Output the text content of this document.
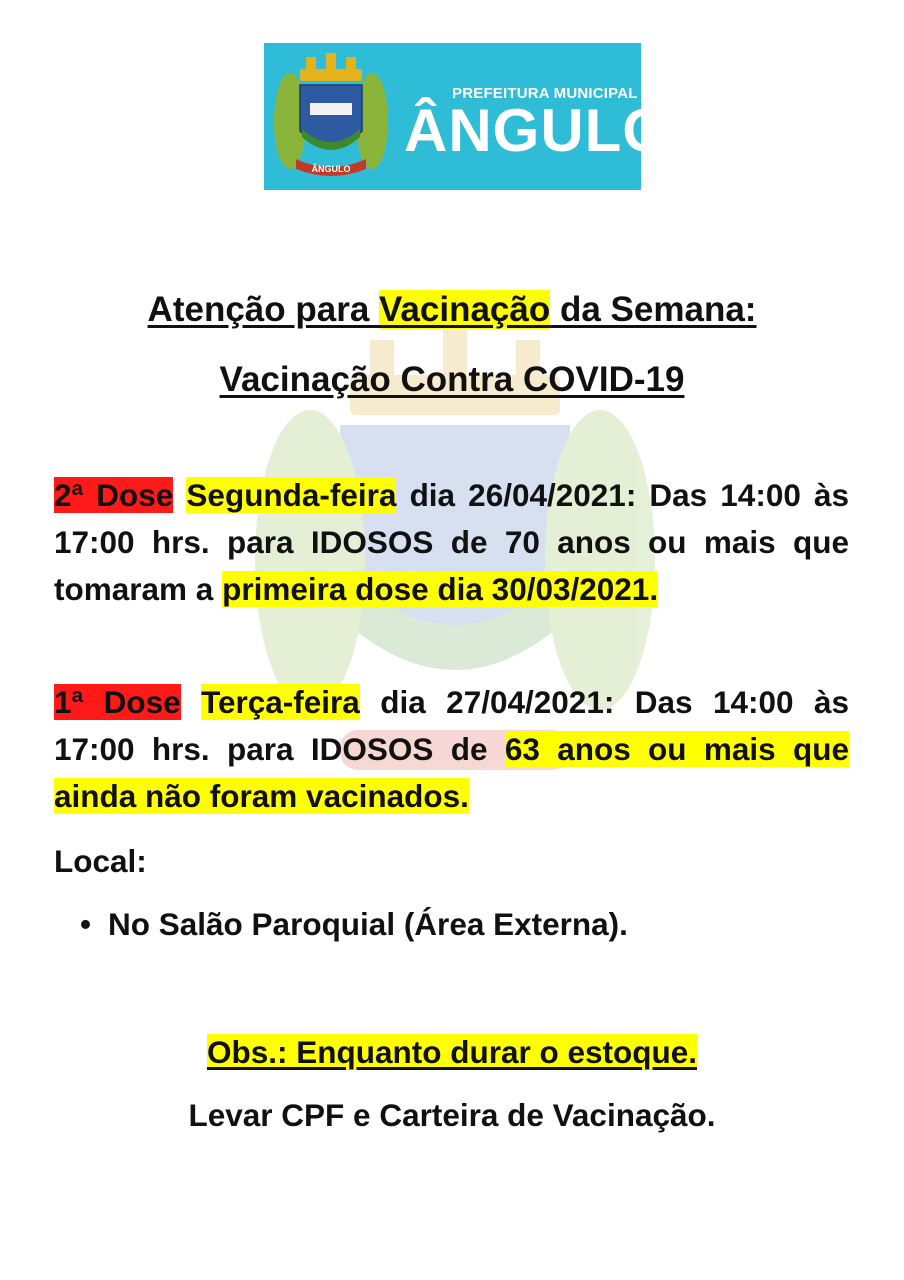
ÂNGULO
PREFEITURA MUNICIPAL
ÂNGULO
Atenção para Vacinação da Semana:
Vacinação Contra COVID-19
2ª Dose Segunda-feira dia 26/04/2021: Das 14:00 às 17:00 hrs. para IDOSOS de 70 anos ou mais que tomaram a primeira dose dia 30/03/2021.
1ª Dose Terça-feira dia 27/04/2021: Das 14:00 às 17:00 hrs. para IDOSOS de 63 anos ou mais que ainda não foram vacinados.
Local:
• No Salão Paroquial (Área Externa).
Obs.: Enquanto durar o estoque.
Levar CPF e Carteira de Vacinação.
